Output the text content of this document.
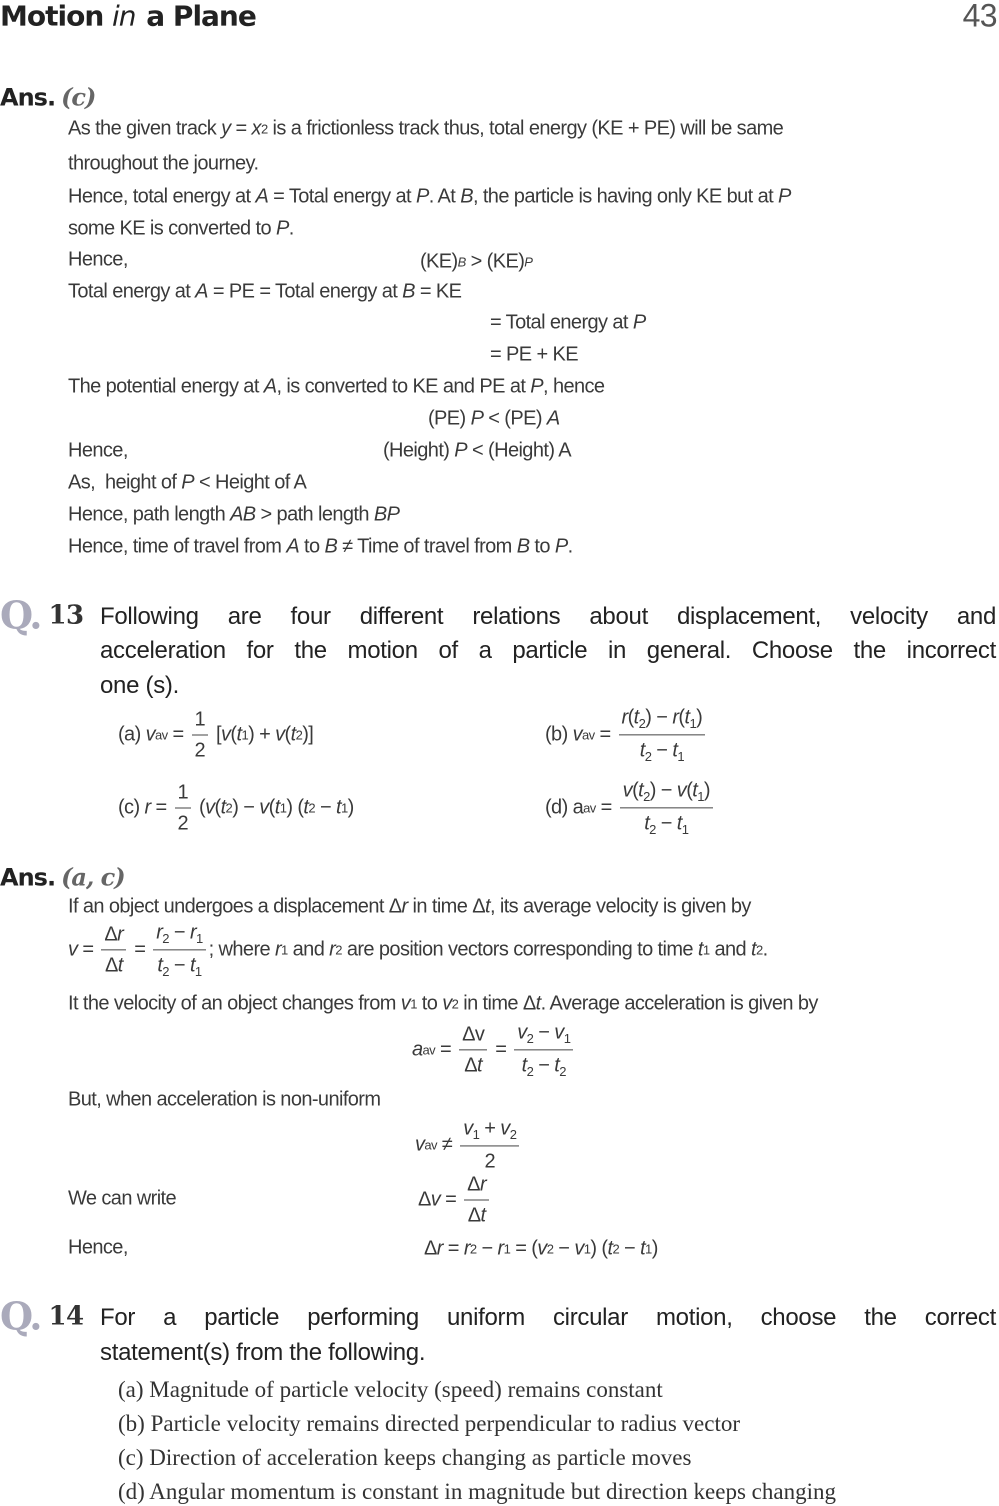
Motion in a Plane	43
Ans. (c)
As the given track y = x 2 is a frictionless track thus, total energy (KE + PE) will be same
throughout the journey.
Hence, total energy at A = Total energy at P . At B , the particle is having only KE but at P
some KE is converted to P .
Hence,	(KE) B > (KE) P
Total energy at A = PE = Total energy at B = KE
= Total energy at P
= PE + KE
The potential energy at A , is converted to KE and PE at P , hence
(PE) P < (PE) A
Hence,	(Height) P < (Height) A
As,  height of P < Height of A
Hence, path length AB > path length BP
Hence, time of travel from A to B ≠ Time of travel from B to P .
Q. 13 Following are four different relations about displacement, velocity and
acceleration for the motion of a particle in general. Choose the incorrect
one (s).
(a) v av = $\frac{1}{2}$ [ v ( t 1 ) + v ( t 2 )]	(b) v av = $\frac{r(t_2) - r(t_1)}{t_2 - t_1}$
(c) $r = \frac{1}{2}$ ( v ( t 2 ) − v ( t 1 ) ( t 2 − t 1 )	(d) a av = $\frac{v(t_2) - v(t_1)}{t_2 - t_1}$
Ans. (a, c)
If an object undergoes a displacement Δ r in time Δ t , its average velocity is given by
$v = \frac{\Delta r}{\Delta t} = \frac{r_2 - r_1}{t_2 - t_1}$ ; where r 1 and r 2 are position vectors corresponding to time t 1 and t 2 .
It the velocity of an object changes from v 1 to v 2 in time Δ t . Average acceleration is given by
a av = $\frac{\Delta v}{\Delta t} = \frac{v_2 - v_1}{t_2 - t_2}$
But, when acceleration is non-uniform
v av ≠ $\frac{v_1 + v_2}{2}$
We can write	Δ $v = \frac{\Delta r}{\Delta t}$
Hence,	Δ r = r 2 − r 1 = ( v 2 − v 1 ) ( t 2 − t 1 )
Q. 14 For a particle performing uniform circular motion, choose the correct
statement(s) from the following.
(a) Magnitude of particle velocity (speed) remains constant
(b) Particle velocity remains directed perpendicular to radius vector
(c) Direction of acceleration keeps changing as particle moves
(d) Angular momentum is constant in magnitude but direction keeps changing
